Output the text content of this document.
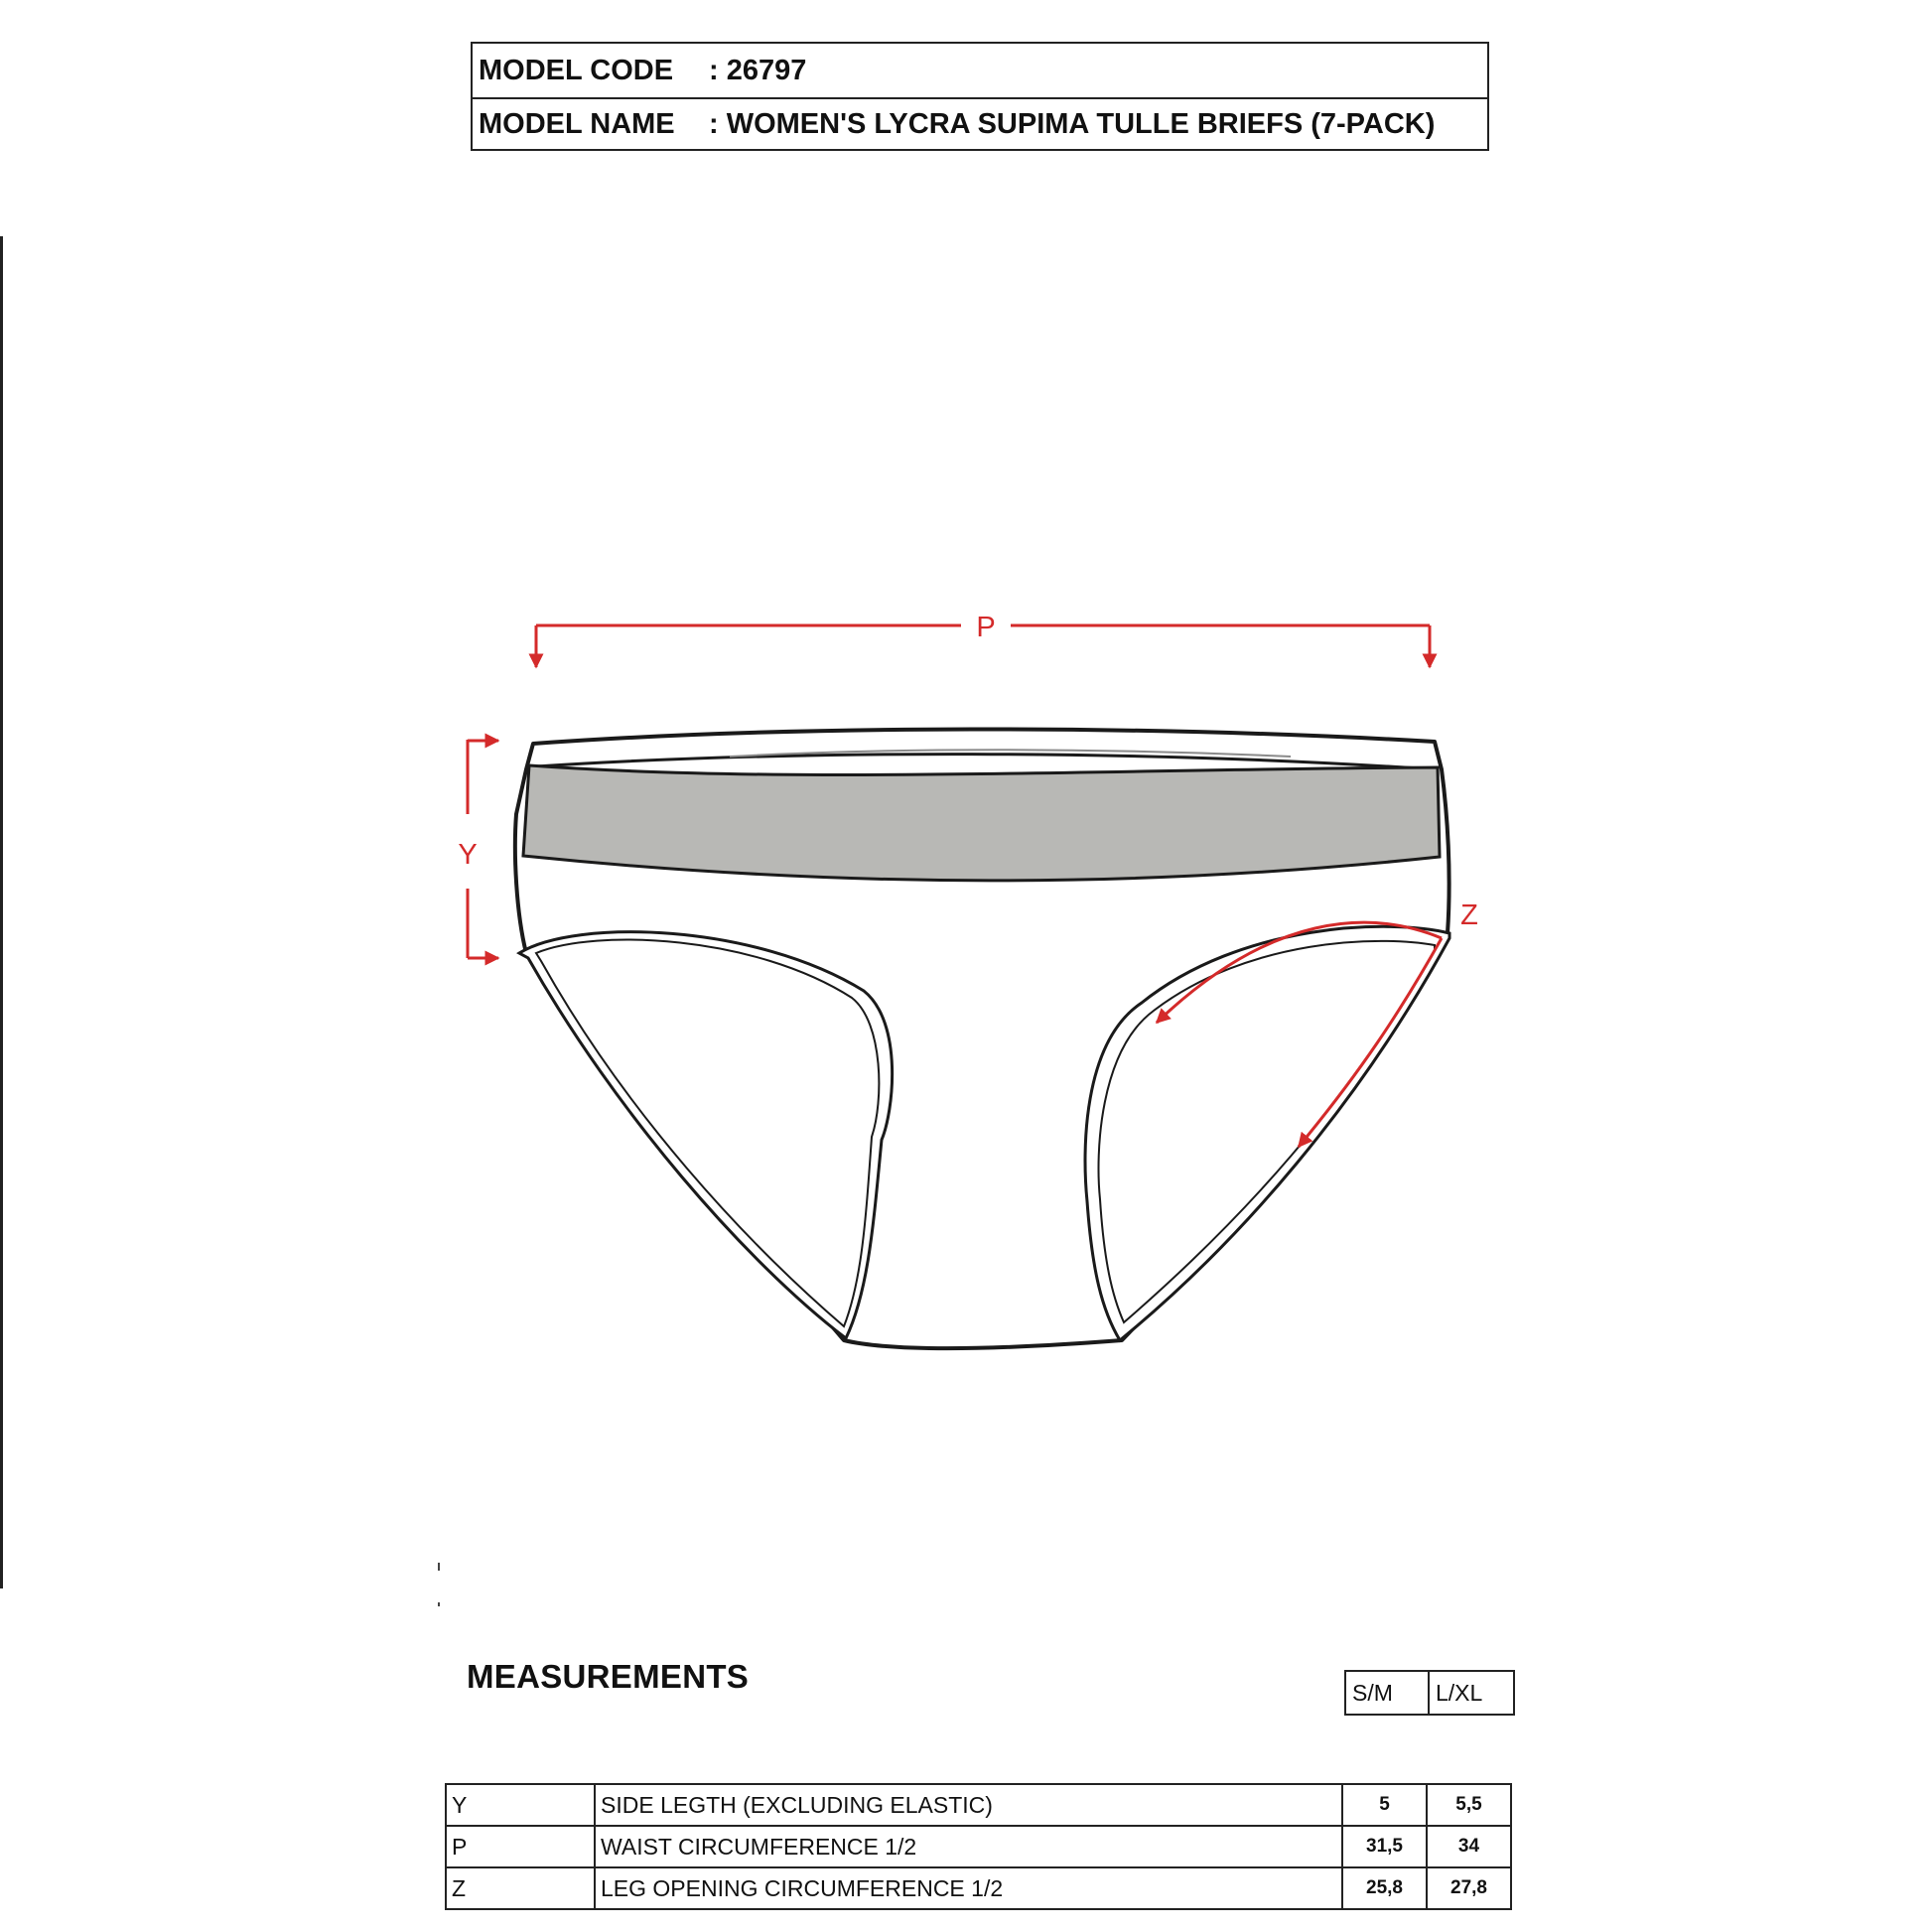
MODEL CODE	: 26797
MODEL NAME	: WOMEN'S LYCRA SUPIMA TULLE BRIEFS (7-PACK)
P
Y
Z
MEASUREMENTS	S/M	L/XL
Y	SIDE LEGTH (EXCLUDING ELASTIC)	5	5,5
P	WAIST CIRCUMFERENCE 1/2	31,5	34
Z	LEG OPENING CIRCUMFERENCE 1/2	25,8	27,8
